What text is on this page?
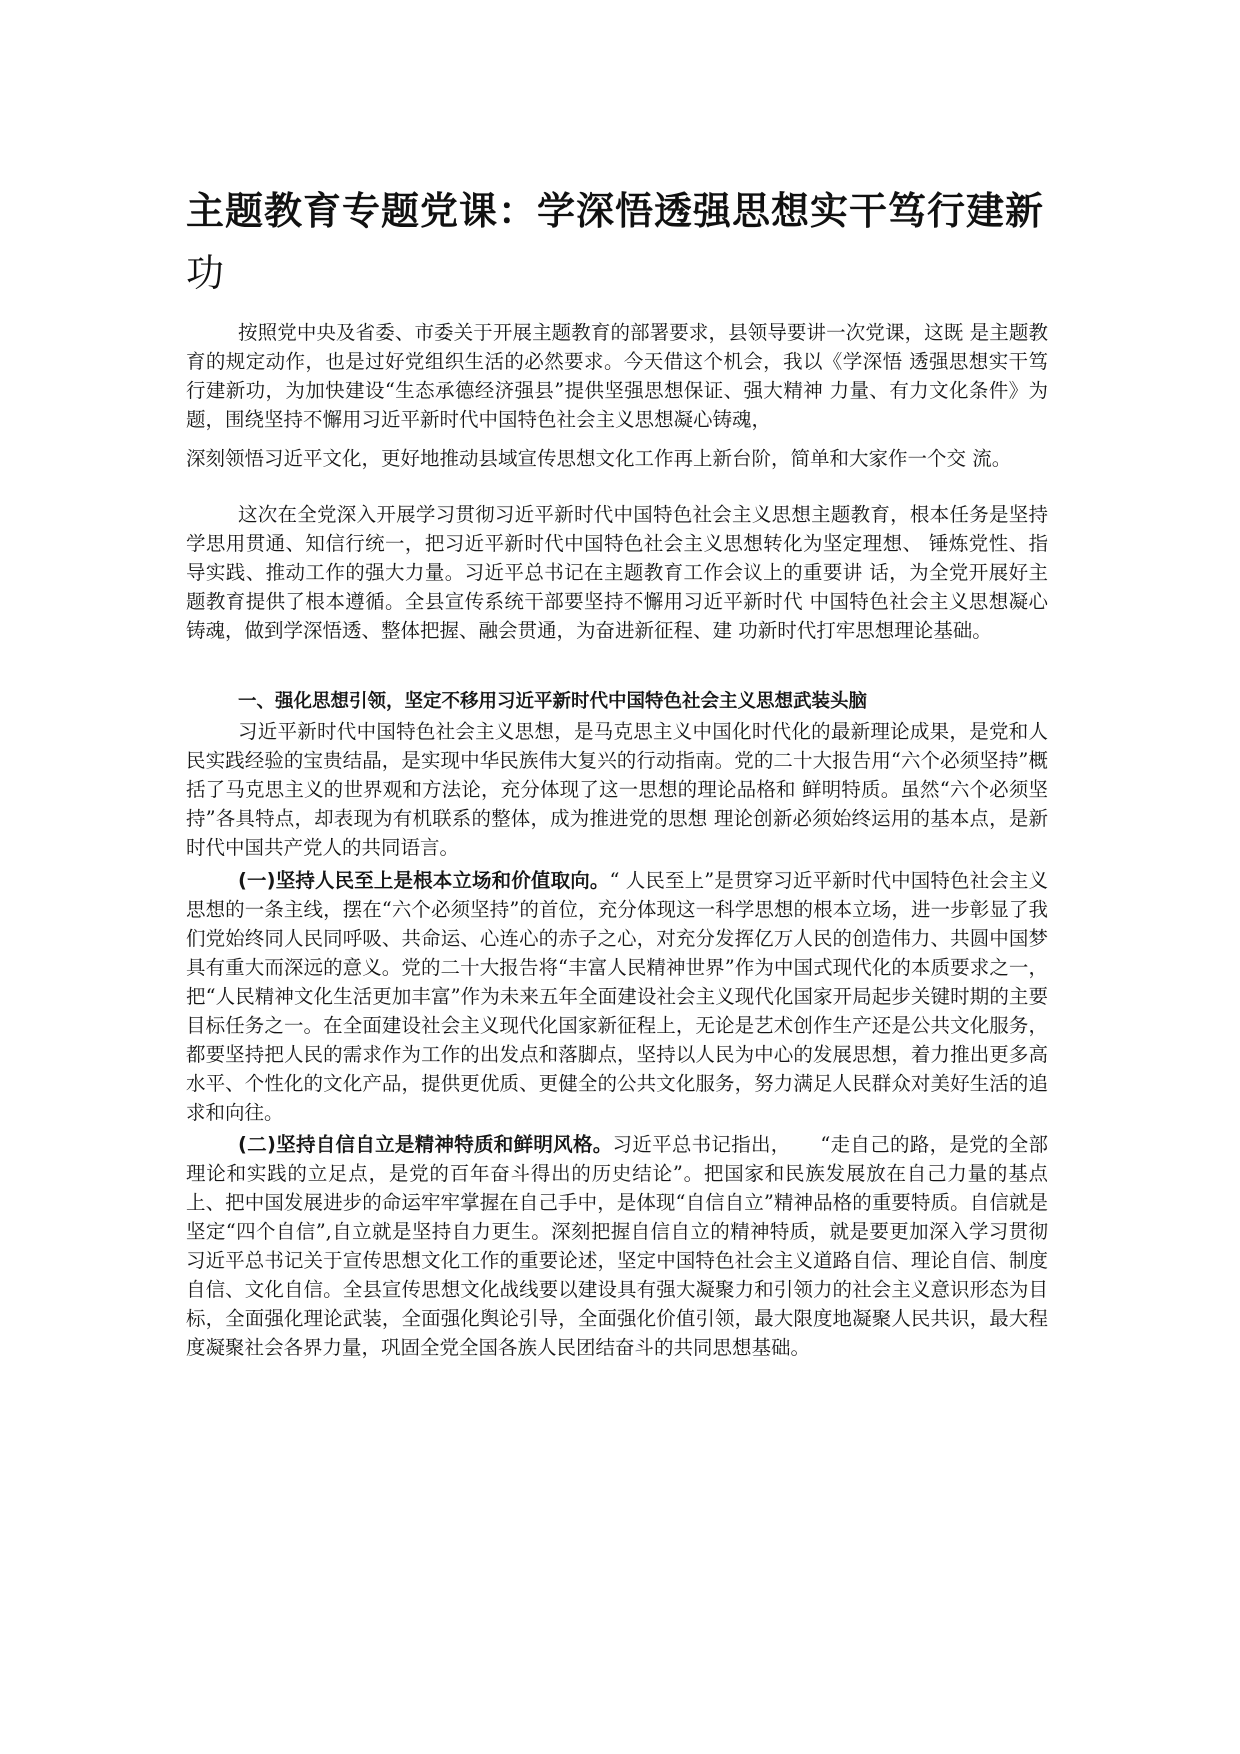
主题教育专题党课：学深悟透强思想实干笃行建新
功

按照党中央及省委、市委关于开展主题教育的部署要求，县领导要讲一次党课，这既 是主题教育的规定动作，也是过好党组织生活的必然要求。今天借这个机会，我以《学深悟 透强思想实干笃行建新功，为加快建设“生态承德经济强县”提供坚强思想保证、强大精神 力量、有力文化条件》为题，围绕坚持不懈用习近平新时代中国特色社会主义思想凝心铸魂，

深刻领悟习近平文化，更好地推动县域宣传思想文化工作再上新台阶，简单和大家作一个交 流。

这次在全党深入开展学习贯彻习近平新时代中国特色社会主义思想主题教育，根本任务是坚持学思用贯通、知信行统一，把习近平新时代中国特色社会主义思想转化为坚定理想、 锤炼党性、指导实践、推动工作的强大力量。习近平总书记在主题教育工作会议上的重要讲 话，为全党开展好主题教育提供了根本遵循。全县宣传系统干部要坚持不懈用习近平新时代 中国特色社会主义思想凝心铸魂，做到学深悟透、整体把握、融会贯通，为奋进新征程、建 功新时代打牢思想理论基础。

一、强化思想引领，坚定不移用习近平新时代中国特色社会主义思想武装头脑

习近平新时代中国特色社会主义思想，是马克思主义中国化时代化的最新理论成果，是党和人民实践经验的宝贵结晶，是实现中华民族伟大复兴的行动指南。党的二十大报告用“六个必须坚持”概括了马克思主义的世界观和方法论，充分体现了这一思想的理论品格和 鲜明特质。虽然“六个必须坚持”各具特点，却表现为有机联系的整体，成为推进党的思想 理论创新必须始终运用的基本点，是新时代中国共产党人的共同语言。

(一)坚持人民至上是根本立场和价值取向。“ 人民至上”是贯穿习近平新时代中国特色社会主义思想的一条主线，摆在“六个必须坚持”的首位，充分体现这一科学思想的根本立场，进一步彰显了我们党始终同人民同呼吸、共命运、心连心的赤子之心，对充分发挥亿万人民的创造伟力、共圆中国梦具有重大而深远的意义。党的二十大报告将“丰富人民精神世界”作为中国式现代化的本质要求之一，把“人民精神文化生活更加丰富”作为未来五年全面建设社会主义现代化国家开局起步关键时期的主要目标任务之一。在全面建设社会主义现代化国家新征程上，无论是艺术创作生产还是公共文化服务，都要坚持把人民的需求作为工作的出发点和落脚点，坚持以人民为中心的发展思想，着力推出更多高水平、个性化的文化产品，提供更优质、更健全的公共文化服务，努力满足人民群众对美好生活的追求和向往。

(二)坚持自信自立是精神特质和鲜明风格。习近平总书记指出，　　“走自己的路，是党的全部理论和实践的立足点，是党的百年奋斗得出的历史结论”。把国家和民族发展放在自己力量的基点上、把中国发展进步的命运牢牢掌握在自己手中，是体现“自信自立”精神品格的重要特质。自信就是坚定“四个自信”,自立就是坚持自力更生。深刻把握自信自立的精神特质，就是要更加深入学习贯彻习近平总书记关于宣传思想文化工作的重要论述，坚定中国特色社会主义道路自信、理论自信、制度自信、文化自信。全县宣传思想文化战线要以建设具有强大凝聚力和引领力的社会主义意识形态为目标，全面强化理论武装，全面强化舆论引导，全面强化价值引领，最大限度地凝聚人民共识，最大程度凝聚社会各界力量，巩固全党全国各族人民团结奋斗的共同思想基础。
